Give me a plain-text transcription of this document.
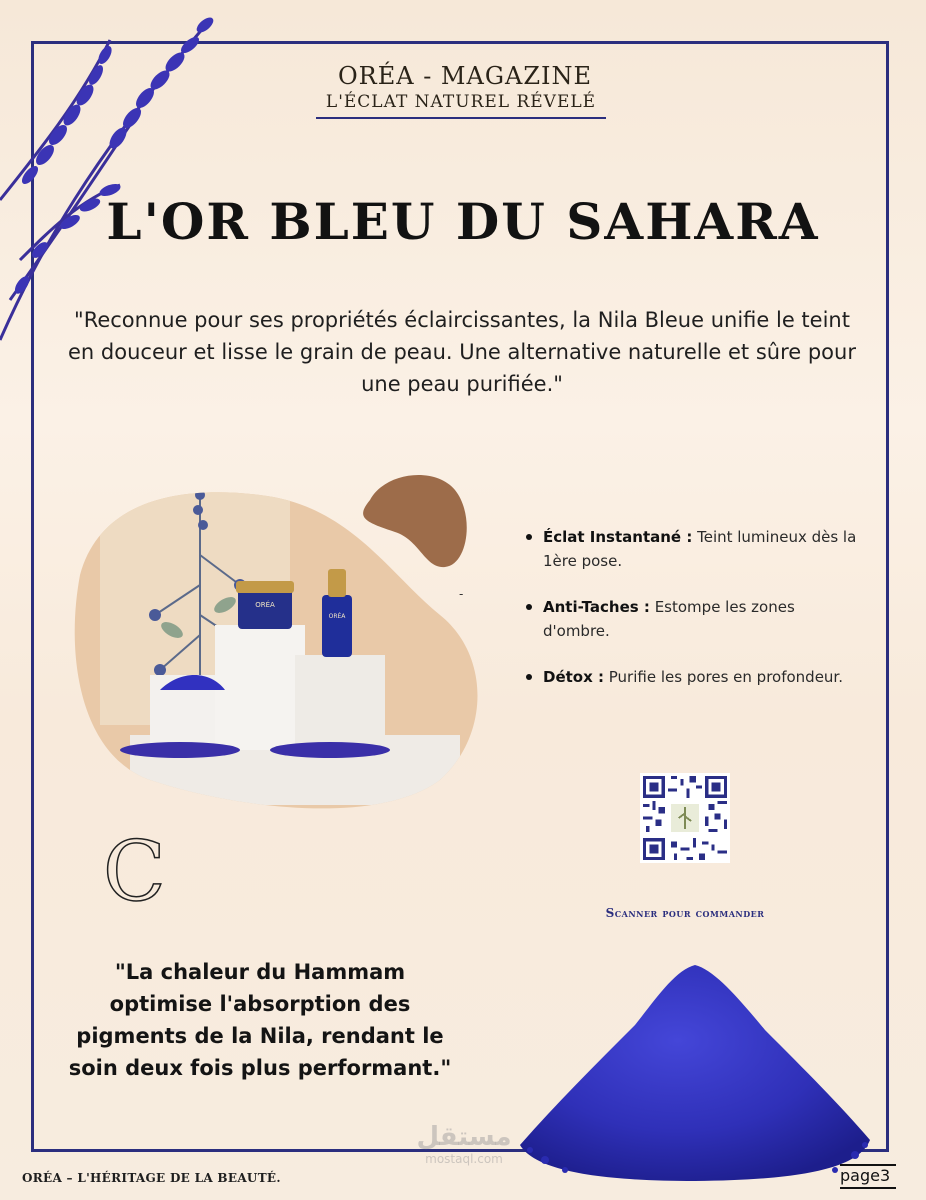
ORÉA - MAGAZINE
L'ÉCLAT NATUREL RÉVELÉ
L'OR BLEU DU SAHARA
"Reconnue pour ses propriétés éclaircissantes, la Nila Bleue unifie le teint en douceur et lisse le grain de peau. Une alternative naturelle et sûre pour une peau purifiée."
-
ORÉA
ORÉA
Éclat Instantané : Teint lumineux dès la 1ère pose.
Anti-Taches : Estompe les zones d'ombre.
Détox : Purifie les pores en profondeur.
Scanner pour commander
C
"La chaleur du Hammam optimise l'absorption des pigments de la Nila, rendant le soin deux fois plus performant."
مستقل
mostaql.com
ORÉA – L'HÉRITAGE DE LA BEAUTÉ.	page3
